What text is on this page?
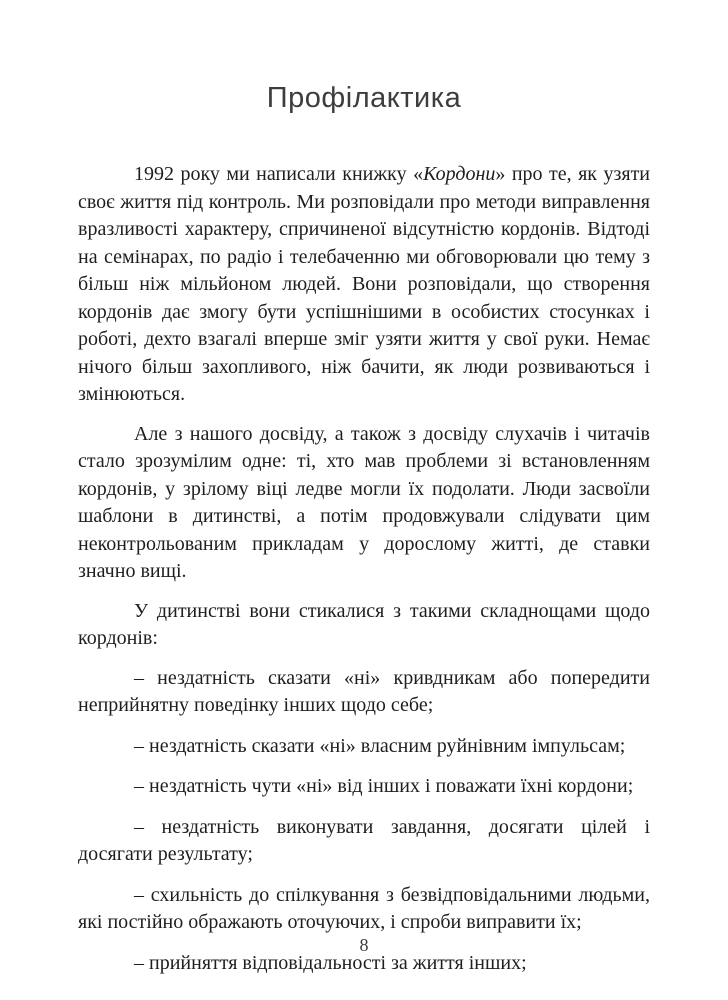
Профілактика

1992 року ми написали книжку «Кордони» про те, як узяти своє життя під контроль. Ми розповідали про методи виправлення вразливості характеру, спричиненої відсутністю кордонів. Відтоді на семінарах, по радіо і телебаченню ми обговорювали цю тему з більш ніж мільйоном людей. Вони розповідали, що створення кордонів дає змогу бути успішнішими в особистих стосунках і роботі, дехто взагалі вперше зміг узяти життя у свої руки. Немає нічого більш захопливого, ніж бачити, як люди розвиваються і змінюються.

Але з нашого досвіду, а також з досвіду слухачів і читачів стало зрозумілим одне: ті, хто мав проблеми зі встановленням кордонів, у зрілому віці ледве могли їх подолати. Люди засвоїли шаблони в дитинстві, а потім продовжували слідувати цим неконтрольованим прикладам у дорослому житті, де ставки значно вищі.

У дитинстві вони стикалися з такими складнощами щодо кордонів:

– нездатність сказати «ні» кривдникам або попередити неприйнятну поведінку інших щодо себе;

– нездатність сказати «ні» власним руйнівним імпульсам;

– нездатність чути «ні» від інших і поважати їхні кордони;

– нездатність виконувати завдання, досягати цілей і досягати результату;

– схильність до спілкування з безвідповідальними людьми, які постійно ображають оточуючих, і спроби виправити їх;

– прийняття відповідальності за життя інших;

8
